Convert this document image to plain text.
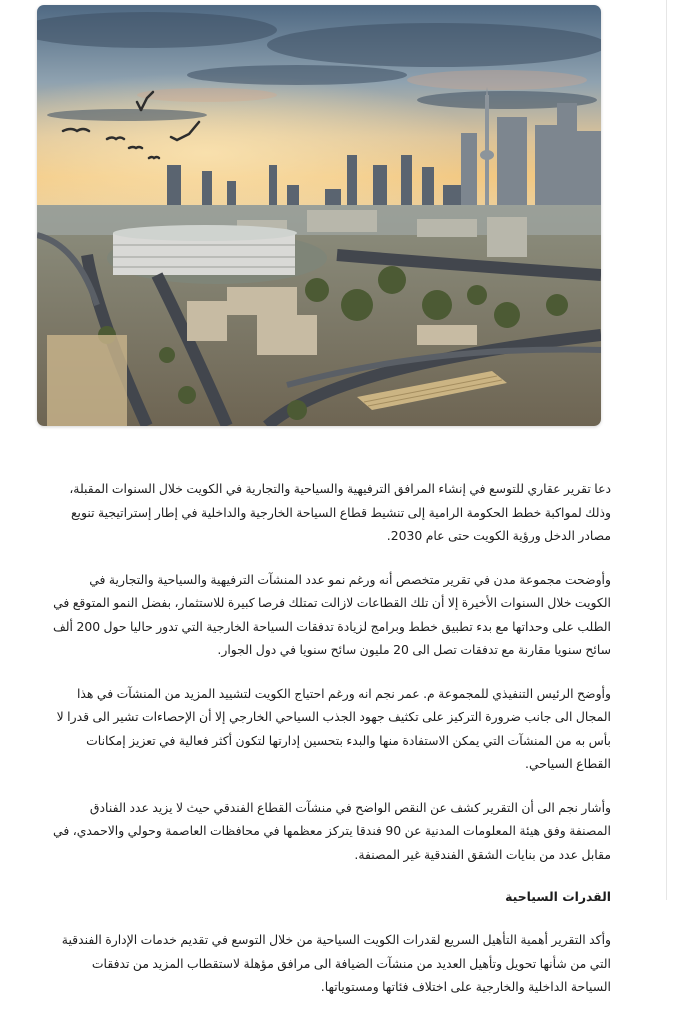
دعا تقرير عقاري للتوسع في إنشاء المرافق الترفيهية والسياحية والتجارية في الكويت خلال السنوات المقبلة، وذلك لمواكبة خطط الحكومة الرامية إلى تنشيط قطاع السياحة الخارجية والداخلية في إطار إستراتيجية تنويع مصادر الدخل ورؤية الكويت حتى عام 2030.

وأوضحت مجموعة مدن في تقرير متخصص أنه ورغم نمو عدد المنشآت الترفيهية والسياحية والتجارية في الكويت خلال السنوات الأخيرة إلا أن تلك القطاعات لازالت تمتلك فرصا كبيرة للاستثمار، بفضل النمو المتوقع في الطلب على وحداتها مع بدء تطبيق خطط وبرامج لزيادة تدفقات السياحة الخارجية التي تدور حاليا حول 200 ألف سائح سنويا مقارنة مع تدفقات تصل الى 20 مليون سائح سنويا في دول الجوار.

وأوضح الرئيس التنفيذي للمجموعة م. عمر نجم انه ورغم احتياج الكويت لتشييد المزيد من المنشآت في هذا المجال الى جانب ضرورة التركيز على تكثيف جهود الجذب السياحي الخارجي إلا أن الإحصاءات تشير الى قدرا لا بأس به من المنشآت التي يمكن الاستفادة منها والبدء بتحسين إدارتها لتكون أكثر فعالية في تعزيز إمكانات القطاع السياحي.

وأشار نجم الى أن التقرير كشف عن النقص الواضح في منشآت القطاع الفندقي حيث لا يزيد عدد الفنادق المصنفة وفق هيئة المعلومات المدنية عن 90 فندقا يتركز معظمها في محافظات العاصمة وحولي والاحمدي، في مقابل عدد من بنايات الشقق الفندقية غير المصنفة.

القدرات السياحية

وأكد التقرير أهمية التأهيل السريع لقدرات الكويت السياحية من خلال التوسع في تقديم خدمات الإدارة الفندقية التي من شأنها تحويل وتأهيل العديد من منشآت الضيافة الى مرافق مؤهلة لاستقطاب المزيد من تدفقات السياحة الداخلية والخارجية على اختلاف فئاتها ومستوياتها.
